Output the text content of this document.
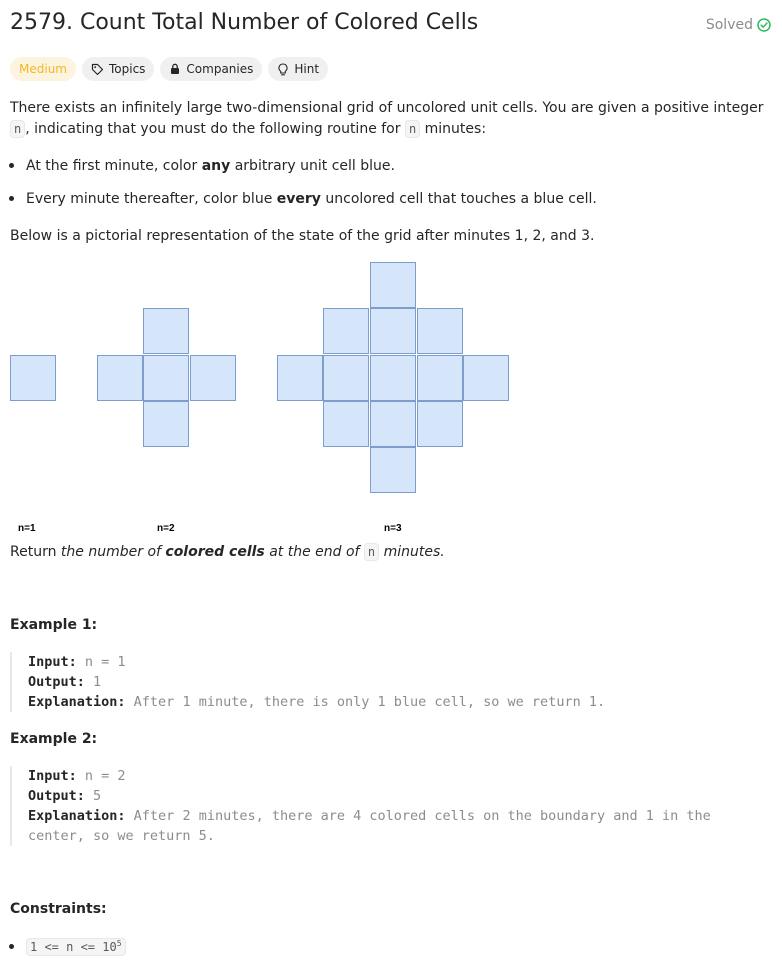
2579. Count Total Number of Colored Cells	Solved
Medium	Topics	Companies	Hint

There exists an infinitely large two-dimensional grid of uncolored unit cells. You are given a positive integer n , indicating that you must do the following routine for n minutes:

At the first minute, color any arbitrary unit cell blue.

Every minute thereafter, color blue every uncolored cell that touches a blue cell.

Below is a pictorial representation of the state of the grid after minutes 1, 2, and 3.

n=1	n=2	n=3

Return the number of colored cells at the end of n minutes.

Example 1:

Input: n = 1
Output: 1
Explanation: After 1 minute, there is only 1 blue cell, so we return 1.

Example 2:

Input: n = 2
Output: 5
Explanation: After 2 minutes, there are 4 colored cells on the boundary and 1 in the center, so we return 5.

Constraints:

$1 <= n <= 10^5$
